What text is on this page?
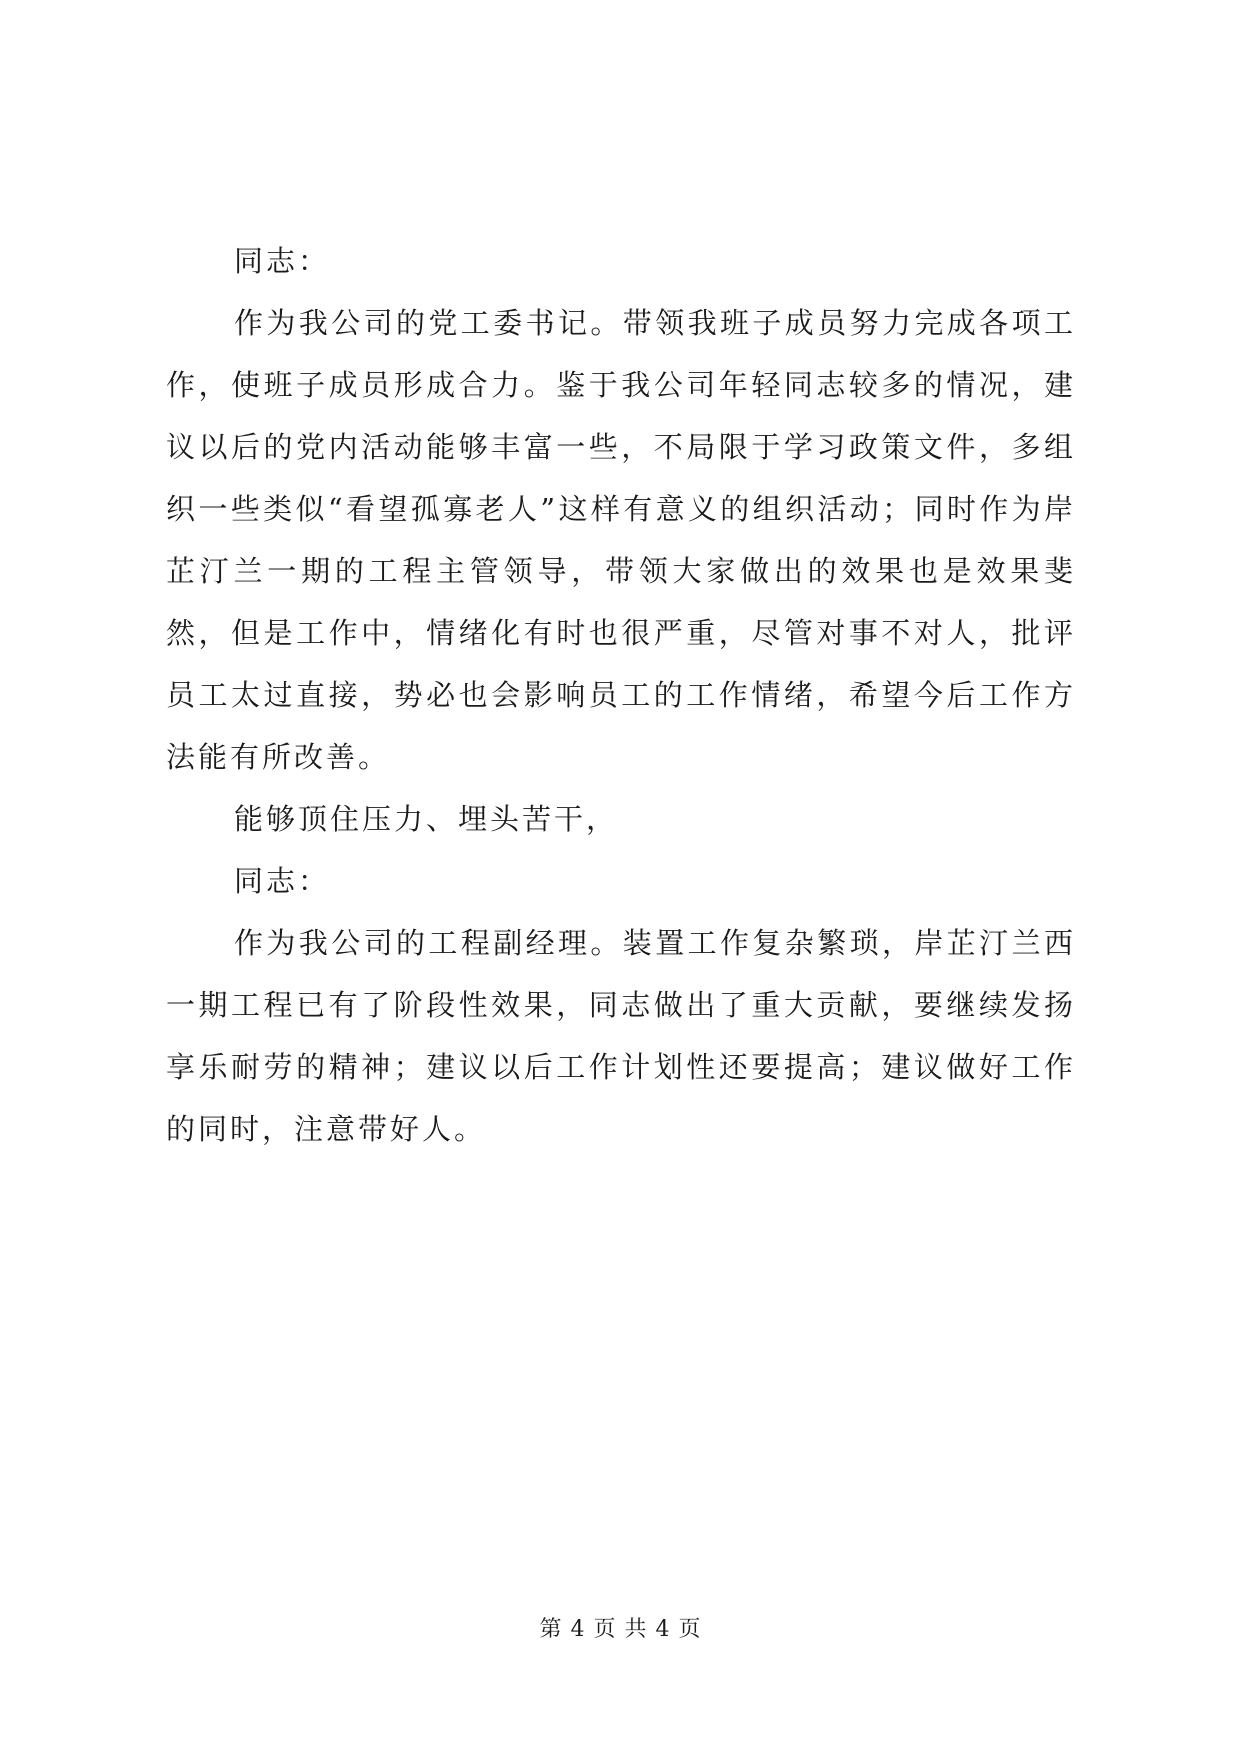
同志：

作为我公司的党工委书记。带领我班子成员努力完成各项工作，使班子成员形成合力。鉴于我公司年轻同志较多的情况，建议以后的党内活动能够丰富一些，不局限于学习政策文件，多组织一些类似“看望孤寡老人”这样有意义的组织活动；同时作为岸芷汀兰一期的工程主管领导，带领大家做出的效果也是效果斐然，但是工作中，情绪化有时也很严重，尽管对事不对人，批评员工太过直接，势必也会影响员工的工作情绪，希望今后工作方法能有所改善。

能够顶住压力、埋头苦干，

同志：

作为我公司的工程副经理。装置工作复杂繁琐，岸芷汀兰西一期工程已有了阶段性效果，同志做出了重大贡献，要继续发扬享乐耐劳的精神；建议以后工作计划性还要提高；建议做好工作的同时，注意带好人。

第 4 页 共 4 页
